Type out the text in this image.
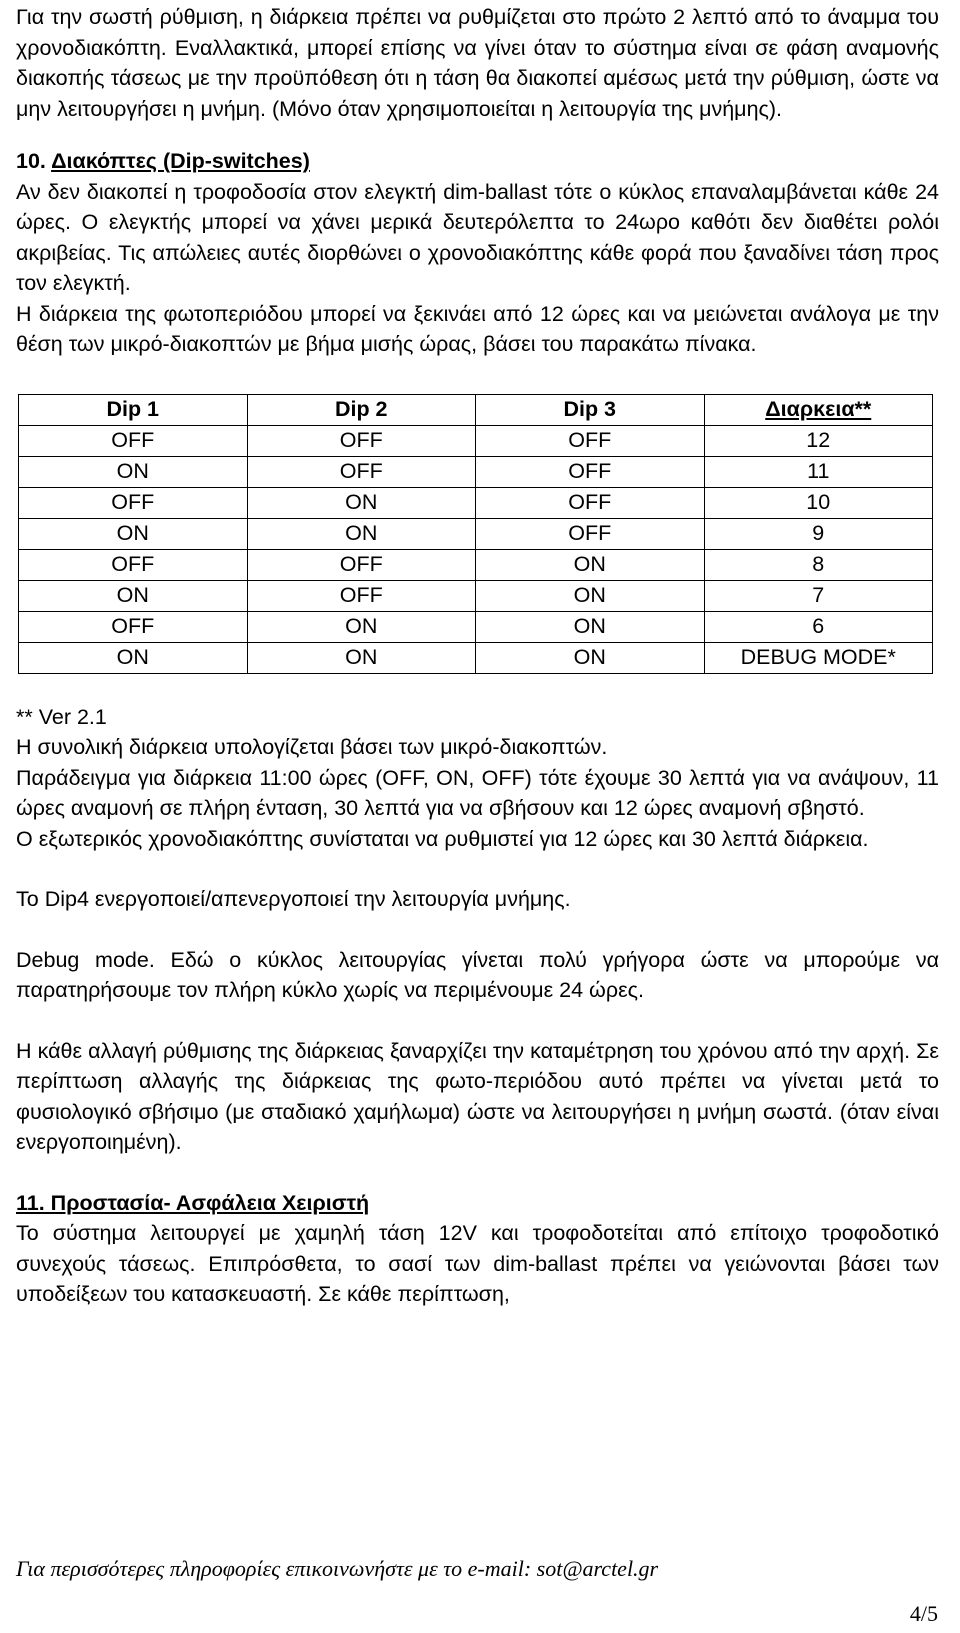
Για την σωστή ρύθμιση, η διάρκεια πρέπει να ρυθμίζεται στο πρώτο 2 λεπτό από το άναμμα του χρονοδιακόπτη. Εναλλακτικά, μπορεί επίσης να γίνει όταν το σύστημα είναι σε φάση αναμονής διακοπής τάσεως με την προϋπόθεση ότι η τάση θα διακοπεί αμέσως μετά την ρύθμιση, ώστε να μην λειτουργήσει η μνήμη. (Μόνο όταν χρησιμοποιείται η λειτουργία της μνήμης).

10. Διακόπτες (Dip-switches)

Αν δεν διακοπεί η τροφοδοσία στον ελεγκτή dim-ballast τότε ο κύκλος επαναλαμβάνεται κάθε 24 ώρες. Ο ελεγκτής μπορεί να χάνει μερικά δευτερόλεπτα το 24ωρο καθότι δεν διαθέτει ρολόι ακριβείας. Τις απώλειες αυτές διορθώνει ο χρονοδιακόπτης κάθε φορά που ξαναδίνει τάση προς τον ελεγκτή.

Η διάρκεια της φωτοπεριόδου μπορεί να ξεκινάει από 12 ώρες και να μειώνεται ανάλογα με την θέση των μικρό-διακοπτών με βήμα μισής ώρας, βάσει του παρακάτω πίνακα.

Dip 1	Dip 2	Dip 3	Διαρκεια**
OFF	OFF	OFF	12
ON	OFF	OFF	11
OFF	ON	OFF	10
ON	ON	OFF	9
OFF	OFF	ON	8
ON	OFF	ON	7
OFF	ON	ON	6
ON	ON	ON	DEBUG MODE*

** Ver 2.1

Η συνολική διάρκεια υπολογίζεται βάσει των μικρό-διακοπτών.

Παράδειγμα για διάρκεια 11:00 ώρες (OFF, ON, OFF) τότε έχουμε 30 λεπτά για να ανάψουν, 11 ώρες αναμονή σε πλήρη ένταση, 30 λεπτά για να σβήσουν και 12 ώρες αναμονή σβηστό.

Ο εξωτερικός χρονοδιακόπτης συνίσταται να ρυθμιστεί για 12 ώρες και 30 λεπτά διάρκεια.

Το Dip4 ενεργοποιεί/απενεργοποιεί την λειτουργία μνήμης.

Debug mode. Εδώ ο κύκλος λειτουργίας γίνεται πολύ γρήγορα ώστε να μπορούμε να παρατηρήσουμε τον πλήρη κύκλο χωρίς να περιμένουμε 24 ώρες.

Η κάθε αλλαγή ρύθμισης της διάρκειας ξαναρχίζει την καταμέτρηση του χρόνου από την αρχή. Σε περίπτωση αλλαγής της διάρκειας της φωτο-περιόδου αυτό πρέπει να γίνεται μετά το φυσιολογικό σβήσιμο (με σταδιακό χαμήλωμα) ώστε να λειτουργήσει η μνήμη σωστά. (όταν είναι ενεργοποιημένη).

11. Προστασία- Ασφάλεια Χειριστή

Το σύστημα λειτουργεί με χαμηλή τάση 12V και τροφοδοτείται από επίτοιχο τροφοδοτικό συνεχούς τάσεως. Επιπρόσθετα, το σασί των dim-ballast πρέπει να γειώνονται βάσει των υποδείξεων του κατασκευαστή. Σε κάθε περίπτωση,

Για περισσότερες πληροφορίες επικοινωνήστε με το e-mail: sot@arctel.gr
4/5
